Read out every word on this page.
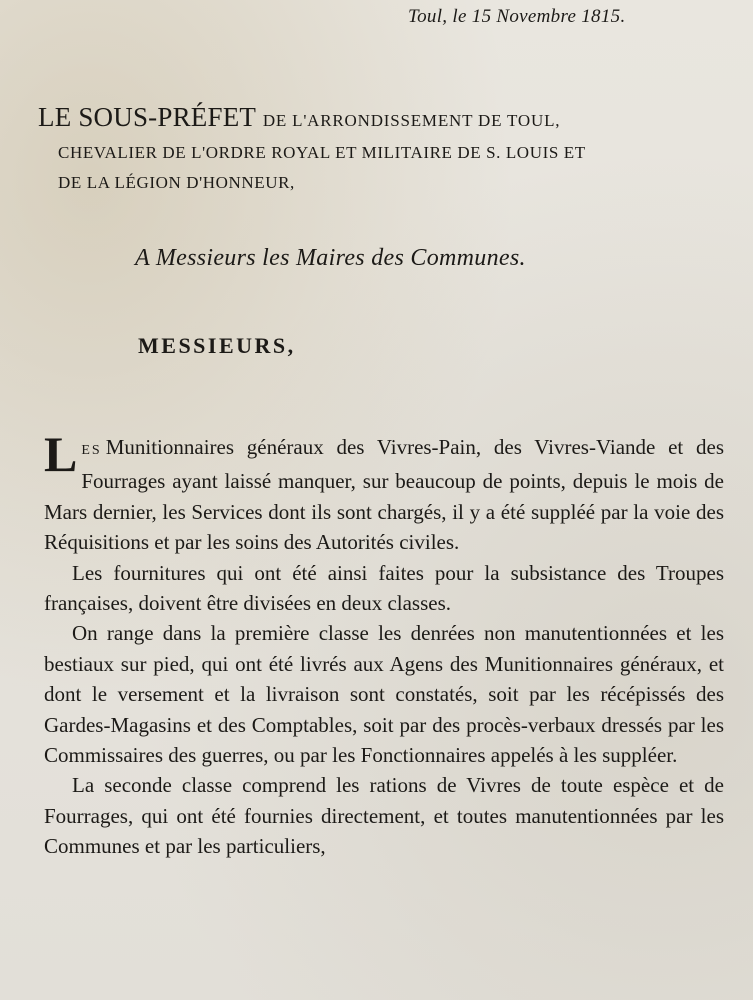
Toul, le 15 Novembre 1815.
LE SOUS-PRÉFET DE L'ARRONDISSEMENT DE TOUL,
CHEVALIER DE L'ORDRE ROYAL ET MILITAIRE DE S. LOUIS ET
DE LA LÉGION D'HONNEUR,
A Messieurs les Maires des Communes.
MESSIEURS,

LES Munitionnaires généraux des Vivres-Pain, des Vivres-Viande et des Fourrages ayant laissé manquer, sur beaucoup de points, depuis le mois de Mars dernier, les Services dont ils sont chargés, il y a été suppléé par la voie des Réquisitions et par les soins des Autorités civiles.

Les fournitures qui ont été ainsi faites pour la subsistance des Troupes françaises, doivent être divisées en deux classes.

On range dans la première classe les denrées non manutentionnées et les bestiaux sur pied, qui ont été livrés aux Agens des Munitionnaires généraux, et dont le versement et la livraison sont constatés, soit par les récépissés des Gardes-Magasins et des Comptables, soit par des procès-verbaux dressés par les Commissaires des guerres, ou par les Fonctionnaires appelés à les suppléer.

La seconde classe comprend les rations de Vivres de toute espèce et de Fourrages, qui ont été fournies directement, et toutes manutentionnées par les Communes et par les particuliers,
